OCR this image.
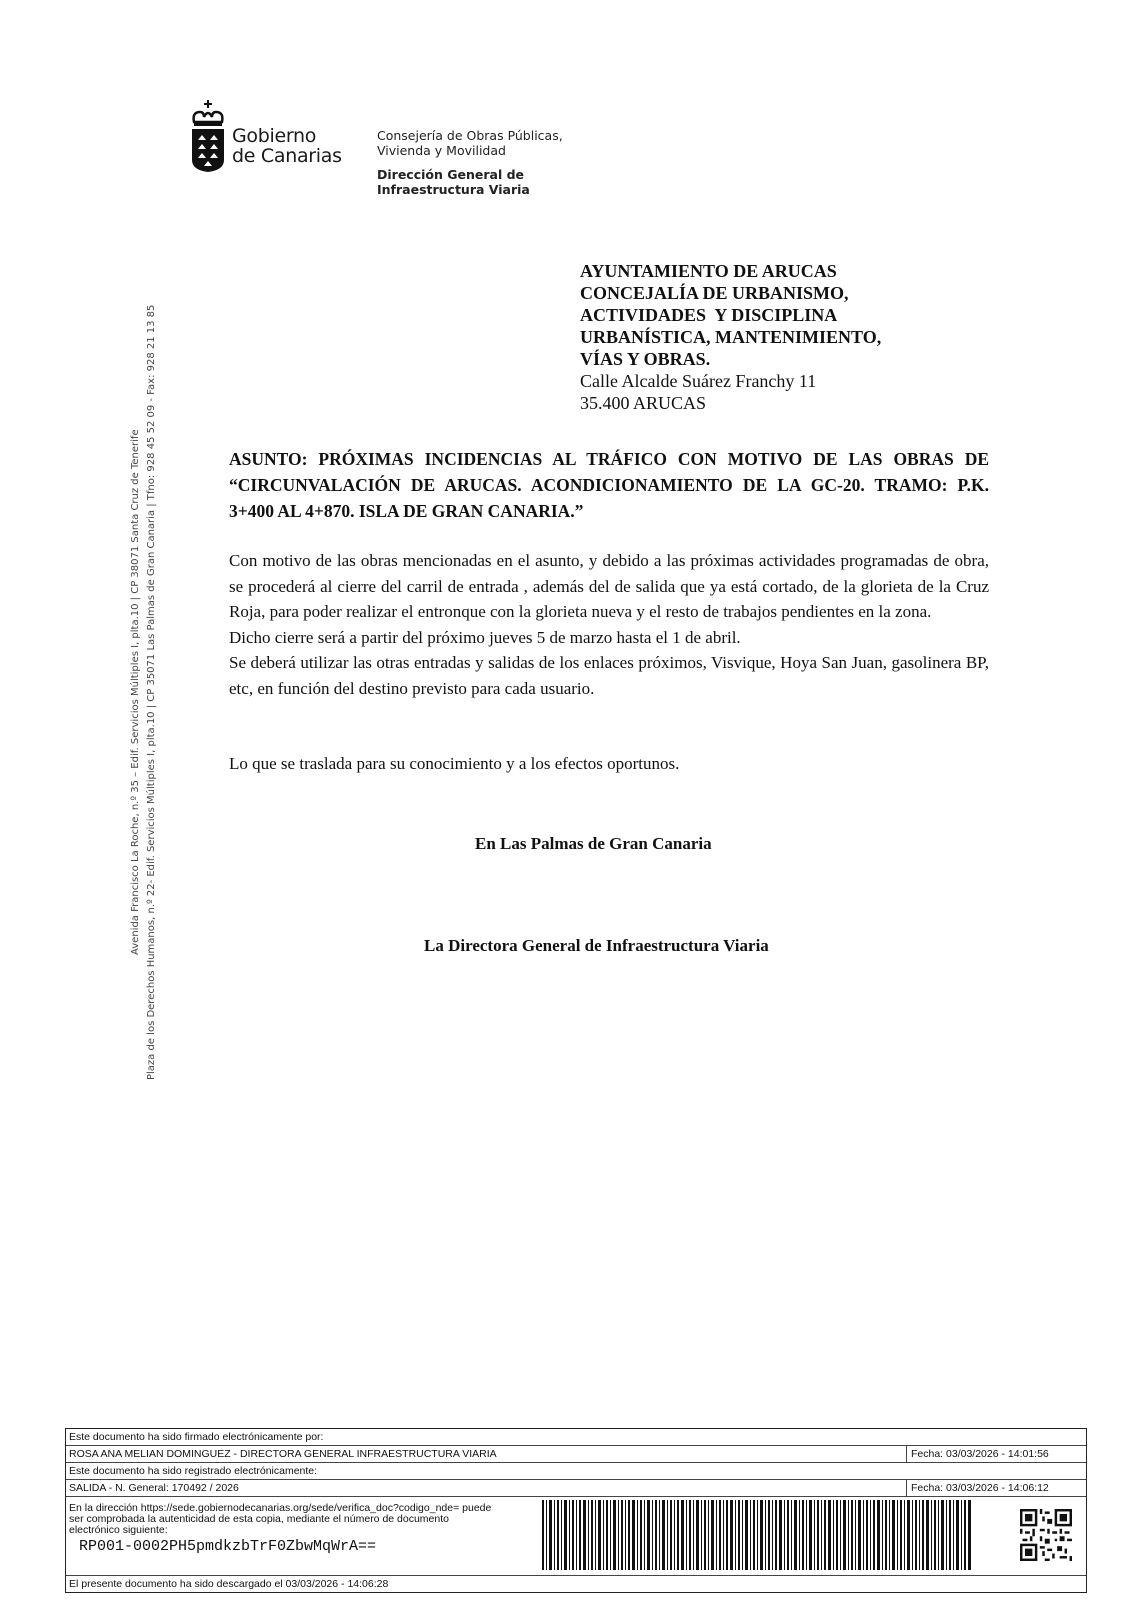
Gobierno
de Canarias
Consejería de Obras Públicas,
Vivienda y Movilidad
Dirección General de
Infraestructura Viaria
Avenida Francisco La Roche, n.º 35 – Edif. Servicios Múltiples I, plta.10 | CP 38071 Santa Cruz de Tenerife Plaza de los Derechos Humanos, n.º 22- Edif. Servicios Múltiples I, plta.10 | CP 35071 Las Palmas de Gran Canaria | Tfno: 928 45 52 09 - Fax: 928 21 13 85
AYUNTAMIENTO DE ARUCAS
CONCEJALÍA DE URBANISMO,
ACTIVIDADES  Y DISCIPLINA
URBANÍSTICA, MANTENIMIENTO,
VÍAS Y OBRAS.
Calle Alcalde Suárez Franchy 11
35.400 ARUCAS
ASUNTO: PRÓXIMAS INCIDENCIAS AL TRÁFICO CON MOTIVO DE LAS OBRAS DE “CIRCUNVALACIÓN DE ARUCAS. ACONDICIONAMIENTO DE LA GC-20. TRAMO: P.K. 3+400 AL 4+870. ISLA DE GRAN CANARIA.”

Con motivo de las obras mencionadas en el asunto, y debido a las próximas actividades programadas de obra, se procederá al cierre del carril de entrada , además del de salida que ya está cortado, de la glorieta de la Cruz Roja, para poder realizar el entronque con la glorieta nueva y el resto de trabajos pendientes en la zona.

Dicho cierre será a partir del próximo jueves 5 de marzo hasta el 1 de abril.

Se deberá utilizar las otras entradas y salidas de los enlaces próximos, Visvique, Hoya San Juan, gasolinera BP, etc, en función del destino previsto para cada usuario.

Lo que se traslada para su conocimiento y a los efectos oportunos.
En Las Palmas de Gran Canaria
La Directora General de Infraestructura Viaria
Este documento ha sido firmado electrónicamente por:
ROSA ANA MELIAN DOMINGUEZ - DIRECTORA GENERAL INFRAESTRUCTURA VIARIA	Fecha: 03/03/2026 - 14:01:56
Este documento ha sido registrado electrónicamente:
SALIDA - N. General: 170492 / 2026	Fecha: 03/03/2026 - 14:06:12
En la dirección https://sede.gobiernodecanarias.org/sede/verifica_doc?codigo_nde= puede ser comprobada la autenticidad de esta copia, mediante el número de documento electrónico siguiente:
RP001-0002PH5pmdkzbTrF0ZbwMqWrA==
El presente documento ha sido descargado el 03/03/2026 - 14:06:28
